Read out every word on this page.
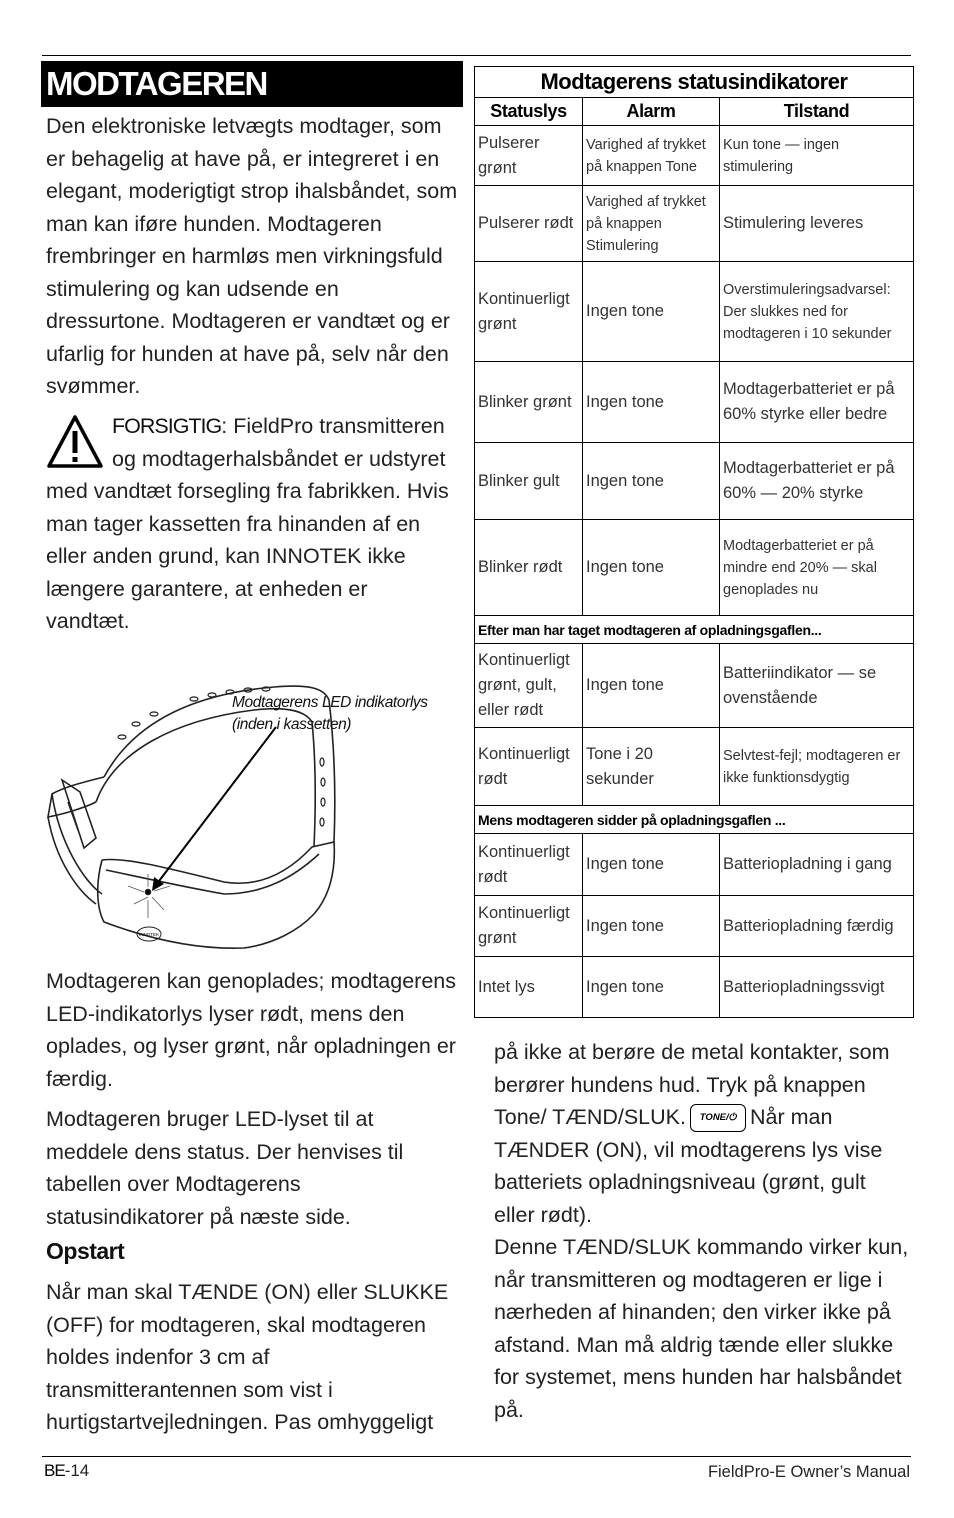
MODTAGEREN

Den elektroniske letvægts modtager, som er behagelig at have på, er integreret i en elegant, moderigtigt strop ihalsbåndet, som man kan iføre hunden. Modtageren frembringer en harmløs men virkningsfuld stimulering og kan udsende en dressurtone. Modtageren er vandtæt og er ufarlig for hunden at have på, selv når den svømmer.

FORSIGTIG: FieldPro transmitteren og modtagerhalsbåndet er udstyret med vandtæt forsegling fra fabrikken. Hvis man tager kassetten fra hinanden af en eller anden grund, kan INNOTEK ikke længere garantere, at enheden er vandtæt.
INNOTEK
Modtagerens LED indikatorlys
(inden i kassetten)

Modtageren kan genoplades; modtagerens LED-indikatorlys lyser rødt, mens den oplades, og lyser grønt, når opladningen er færdig.

Modtageren bruger LED-lyset til at meddele dens status. Der henvises til tabellen over Modtagerens statusindikatorer på næste side.

Opstart

Når man skal TÆNDE (ON) eller SLUKKE (OFF) for modtageren, skal modtageren holdes indenfor 3 cm af transmitterantennen som vist i hurtigstartvejledningen. Pas omhyggeligt

Modtagerens statusindikatorer		
Statuslys	Alarm	Tilstand
Pulserer grønt	Varighed af trykket på knappen Tone	Kun tone — ingen stimulering
Pulserer rødt	Varighed af trykket på knappen Stimulering	Stimulering leveres
Kontinuerligt grønt	Ingen tone	Overstimuleringsadvarsel: Der slukkes ned for modtageren i 10 sekunder
Blinker grønt	Ingen tone	Modtagerbatteriet er på 60% styrke eller bedre
Blinker gult	Ingen tone	Modtagerbatteriet er på 60% — 20% styrke
Blinker rødt	Ingen tone	Modtagerbatteriet er på mindre end 20% — skal genoplades nu
Efter man har taget modtageren af opladningsgaflen...		
Kontinuerligt grønt, gult, eller rødt	Ingen tone	Batteriindikator — se ovenstående
Kontinuerligt rødt	Tone i 20 sekunder	Selvtest-fejl; modtageren er ikke funktionsdygtig
Mens modtageren sidder på opladningsgaflen ...		
Kontinuerligt rødt	Ingen tone	Batteriopladning i gang
Kontinuerligt grønt	Ingen tone	Batteriopladning færdig
Intet lys	Ingen tone	Batteriopladningssvigt

på ikke at berøre de metal kontakter, som berører hundens hud. Tryk på knappen Tone/ TÆND/SLUK. TONE/⏻ Når man TÆNDER (ON), vil modtagerens lys vise batteriets opladningsniveau (grønt, gult eller rødt).

Denne TÆND/SLUK kommando virker kun, når transmitteren og modtageren er lige i nærheden af hinanden; den virker ikke på afstand. Man må aldrig tænde eller slukke for systemet, mens hunden har halsbåndet på.

BE-14	FieldPro-E Owner’s Manual
